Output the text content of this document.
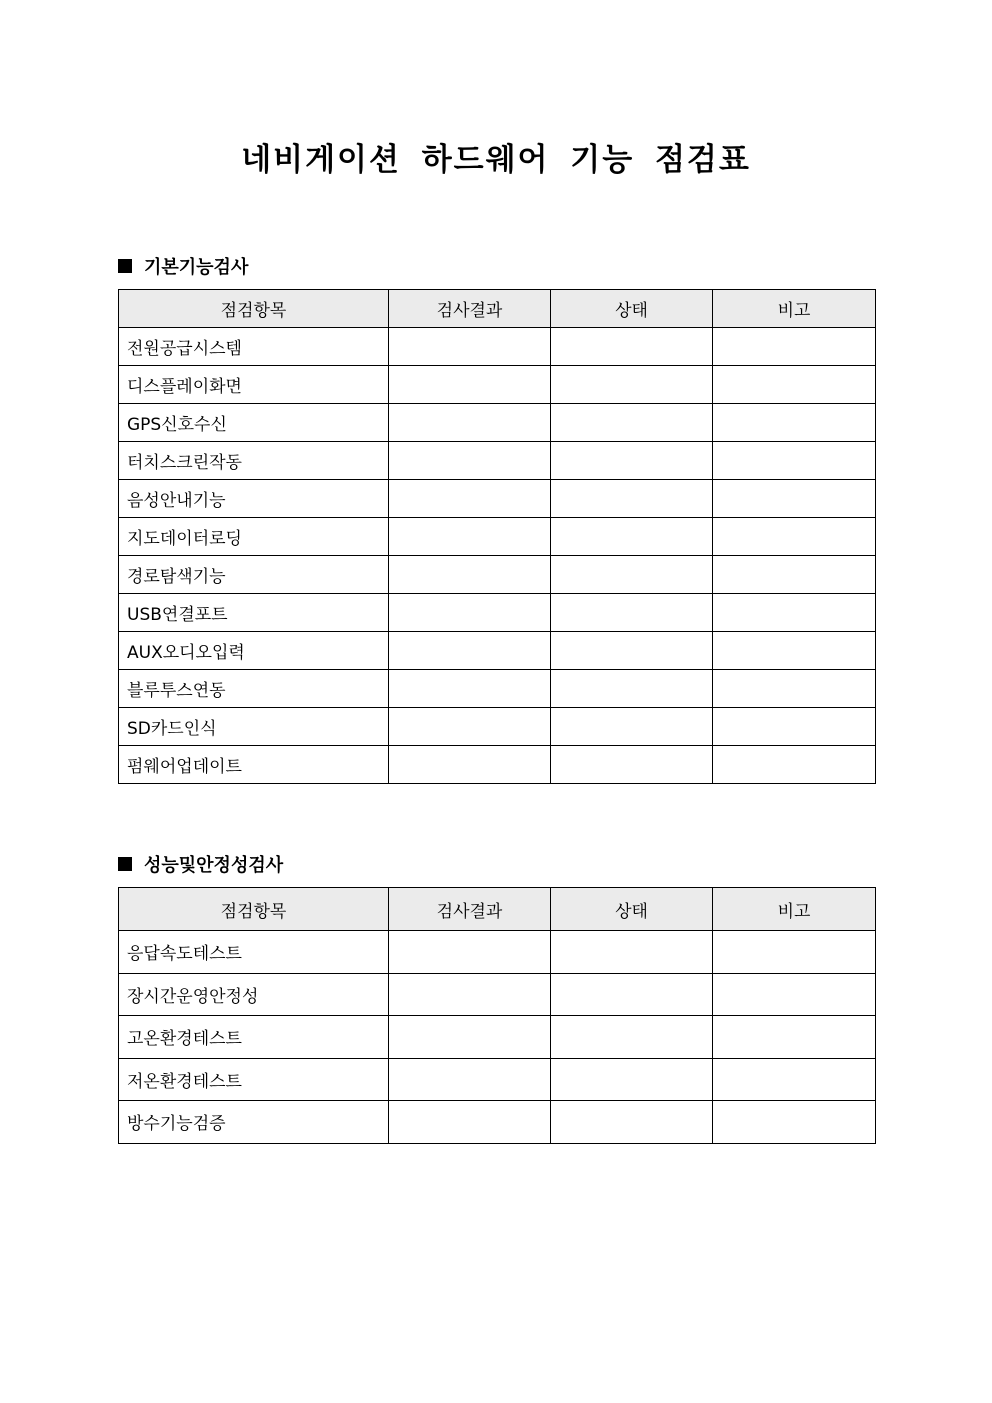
네비게이션 하드웨어 기능 점검표
기본기능검사
점검항목	검사결과	상태	비고
전원공급시스템			
디스플레이화면			
GPS신호수신			
터치스크린작동			
음성안내기능			
지도데이터로딩			
경로탐색기능			
USB연결포트			
AUX오디오입력			
블루투스연동			
SD카드인식			
펌웨어업데이트			
성능및안정성검사
점검항목	검사결과	상태	비고
응답속도테스트			
장시간운영안정성			
고온환경테스트			
저온환경테스트			
방수기능검증			
